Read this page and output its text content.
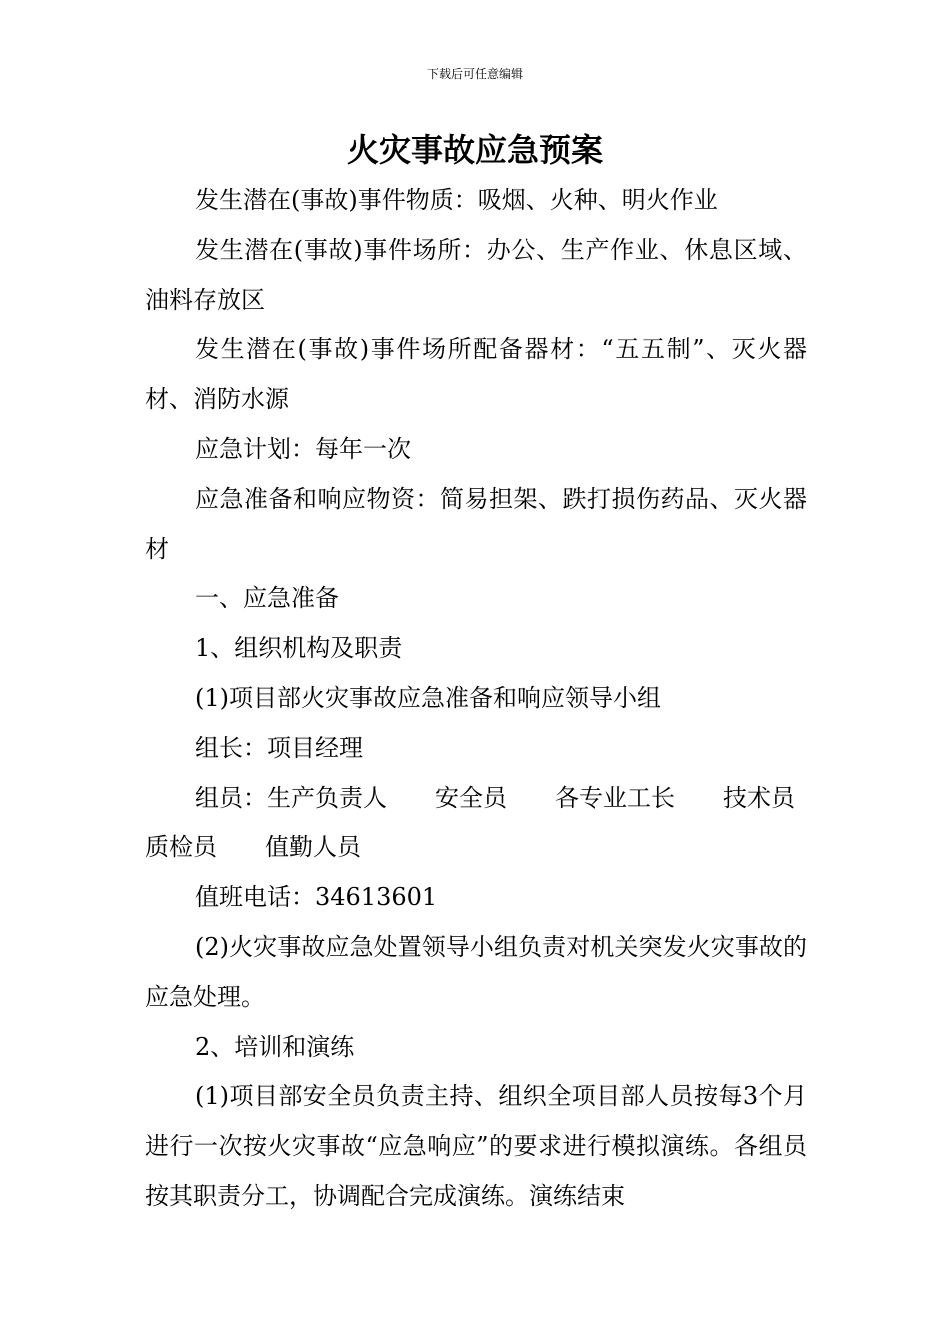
下载后可任意编辑
火灾事故应急预案

发生潜在(事故)事件物质：吸烟、火种、明火作业

发生潜在(事故)事件场所：办公、生产作业、休息区域、油料存放区

发生潜在(事故)事件场所配备器材：“五五制”、灭火器材、消防水源

应急计划：每年一次

应急准备和响应物资：简易担架、跌打损伤药品、灭火器材

一、应急准备

1、组织机构及职责

(1)项目部火灾事故应急准备和响应领导小组

组长：项目经理

组员：生产负责人　　安全员　　各专业工长　　技术员

质检员　　值勤人员

值班电话：34613601

(2)火灾事故应急处置领导小组负责对机关突发火灾事故的应急处理。

2、培训和演练

(1)项目部安全员负责主持、组织全项目部人员按每3个月进行一次按火灾事故“应急响应”的要求进行模拟演练。各组员按其职责分工，协调配合完成演练。演练结束
